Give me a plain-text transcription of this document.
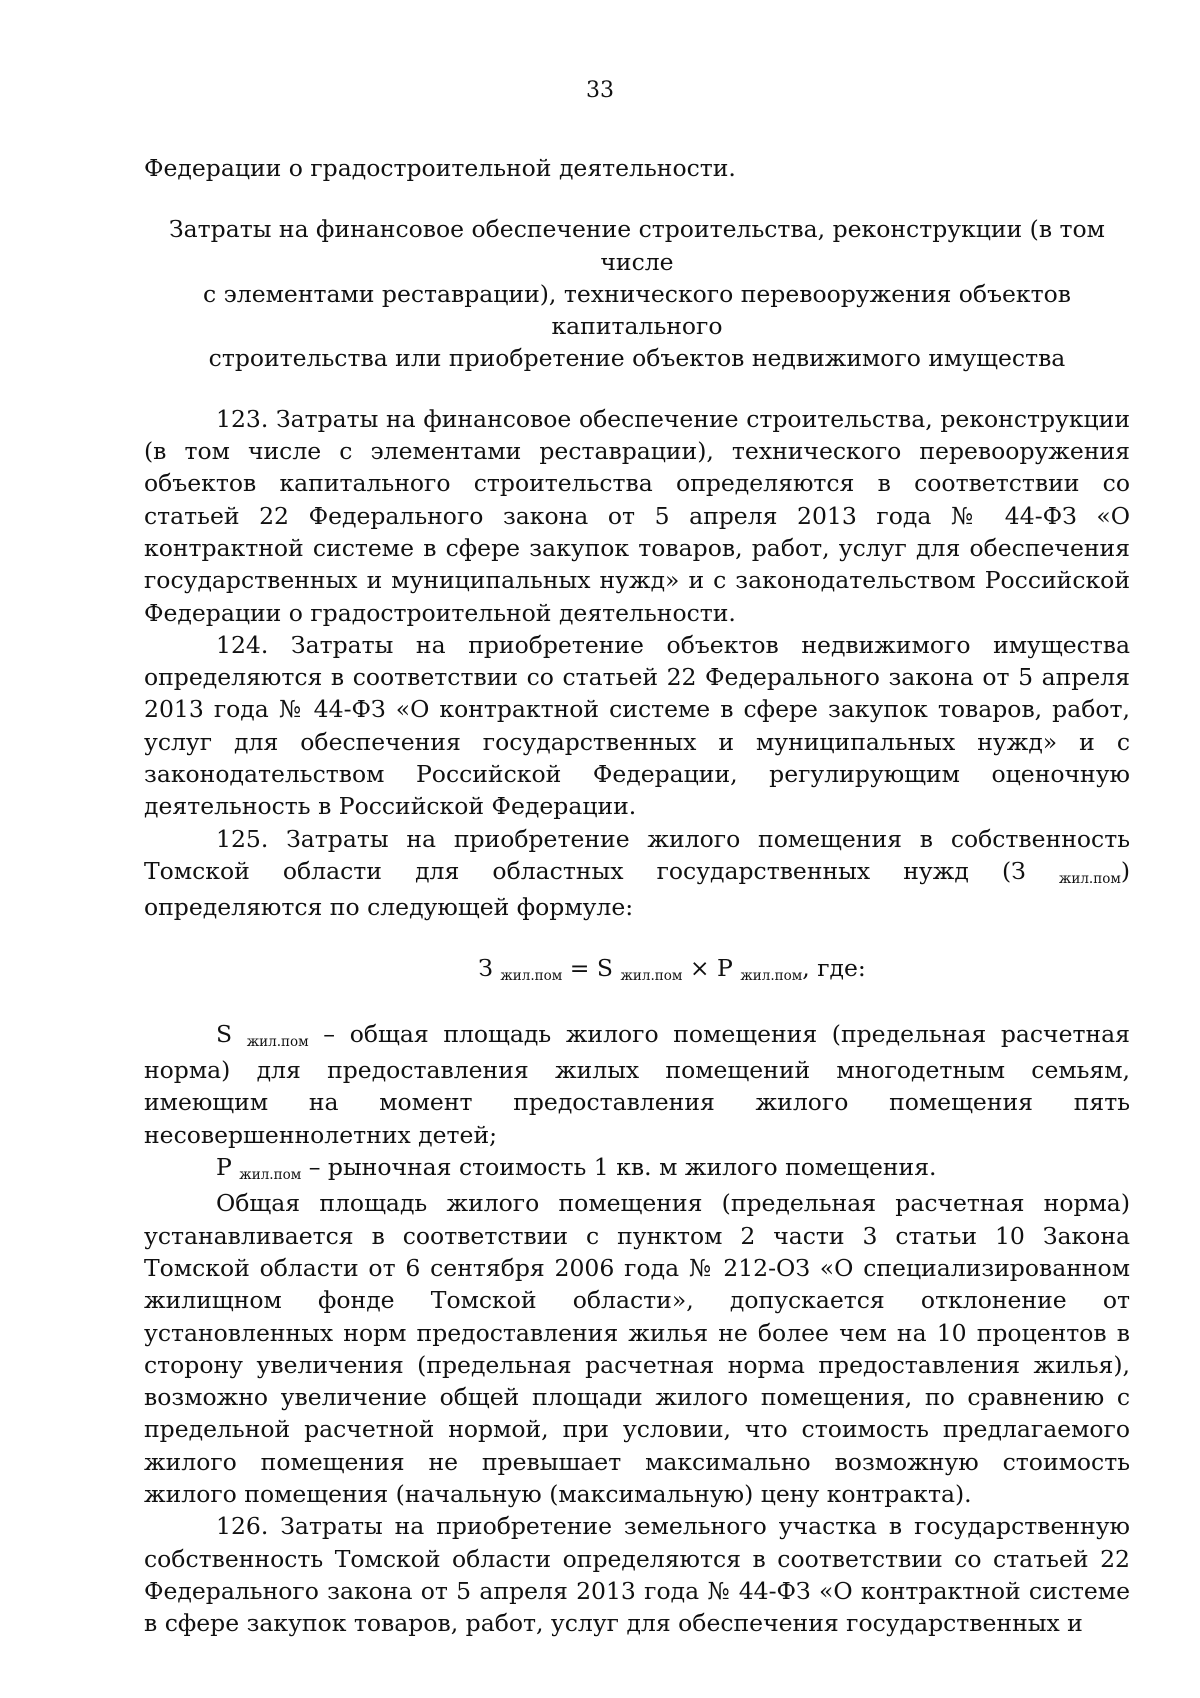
33

Федерации о градостроительной деятельности.

Затраты на финансовое обеспечение строительства, реконструкции (в том числе
с элементами реставрации), технического перевооружения объектов
капитального
строительства или приобретение объектов недвижимого имущества

123. Затраты на финансовое обеспечение строительства, реконструкции (в том числе с элементами реставрации), технического перевооружения объектов капитального строительства определяются в соответствии со статьей 22 Федерального закона от 5 апреля 2013 года № 44-ФЗ «О контрактной системе в сфере закупок товаров, работ, услуг для обеспечения государственных и муниципальных нужд» и с законодательством Российской Федерации о градостроительной деятельности.

124. Затраты на приобретение объектов недвижимого имущества определяются в соответствии со статьей 22 Федерального закона от 5 апреля 2013 года № 44-ФЗ «О контрактной системе в сфере закупок товаров, работ, услуг для обеспечения государственных и муниципальных нужд» и с законодательством Российской Федерации, регулирующим оценочную деятельность в Российской Федерации.

125. Затраты на приобретение жилого помещения в собственность Томской области для областных государственных нужд (З жил.пом) определяются по следующей формуле:

З жил.пом = S жил.пом × Р жил.пом, где:

S жил.пом – общая площадь жилого помещения (предельная расчетная норма) для предоставления жилых помещений многодетным семьям, имеющим на момент предоставления жилого помещения пять несовершеннолетних детей;

Р жил.пом – рыночная стоимость 1 кв. м жилого помещения.

Общая площадь жилого помещения (предельная расчетная норма) устанавливается в соответствии с пунктом 2 части 3 статьи 10 Закона Томской области от 6 сентября 2006 года № 212-ОЗ «О специализированном жилищном фонде Томской области», допускается отклонение от установленных норм предоставления жилья не более чем на 10 процентов в сторону увеличения (предельная расчетная норма предоставления жилья), возможно увеличение общей площади жилого помещения, по сравнению с предельной расчетной нормой, при условии, что стоимость предлагаемого жилого помещения не превышает максимально возможную стоимость жилого помещения (начальную (максимальную) цену контракта).

126. Затраты на приобретение земельного участка в государственную собственность Томской области определяются в соответствии со статьей 22 Федерального закона от 5 апреля 2013 года № 44-ФЗ «О контрактной системе в сфере закупок товаров, работ, услуг для обеспечения государственных и
